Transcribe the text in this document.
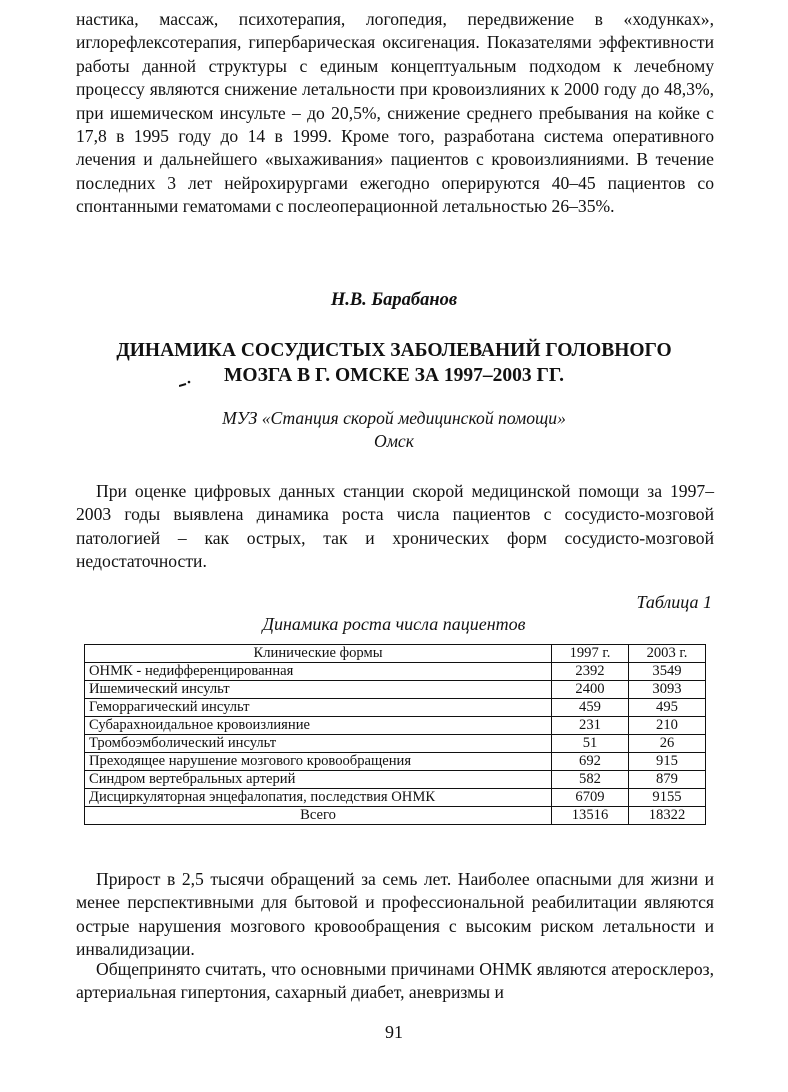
настика, массаж, психотерапия, логопедия, передвижение в «ходунках», иглорефлексотерапия, гипербарическая оксигенация. Показателями эффективности работы данной структуры с единым концептуальным подходом к лечебному процессу являются снижение летальности при кровоизлияних к 2000 году до 48,3%, при ишемическом инсульте – до 20,5%, снижение среднего пребывания на койке с 17,8 в 1995 году до 14 в 1999. Кроме того, разработана система оперативного лечения и дальнейшего «выхаживания» пациентов с кровоизлияниями. В течение последних 3 лет нейрохирургами ежегодно оперируются 40–45 пациентов со спонтанными гематомами с послеоперационной летальностью 26–35%.

Н.В. Барабанов
ДИНАМИКА СОСУДИСТЫХ ЗАБОЛЕВАНИЙ ГОЛОВНОГО
МОЗГА В Г. ОМСКЕ ЗА 1997–2003 ГГ.
МУЗ «Станция скорой медицинской помощи»
Омск

При оценке цифровых данных станции скорой медицинской помощи за 1997–2003 годы выявлена динамика роста числа пациентов с сосудисто-мозговой патологией – как острых, так и хронических форм сосудисто-мозговой недостаточности.

Таблица 1
Динамика роста числа пациентов
Клинические формы	1997 г.	2003 г.
ОНМК - недифференцированная	2392	3549
Ишемический инсульт	2400	3093
Геморрагический инсульт	459	495
Субарахноидальное кровоизлияние	231	210
Тромбоэмболический инсульт	51	26
Преходящее нарушение мозгового кровообращения	692	915
Синдром вертебральных артерий	582	879
Дисциркуляторная энцефалопатия, последствия ОНМК	6709	9155
Всего	13516	18322

Прирост в 2,5 тысячи обращений за семь лет. Наиболее опасными для жизни и менее перспективными для бытовой и профессиональной реабилитации являются острые нарушения мозгового кровообращения с высоким риском летальности и инвалидизации.

Общепринято считать, что основными причинами ОНМК являются атеросклероз, артериальная гипертония, сахарный диабет, аневризмы и

91
